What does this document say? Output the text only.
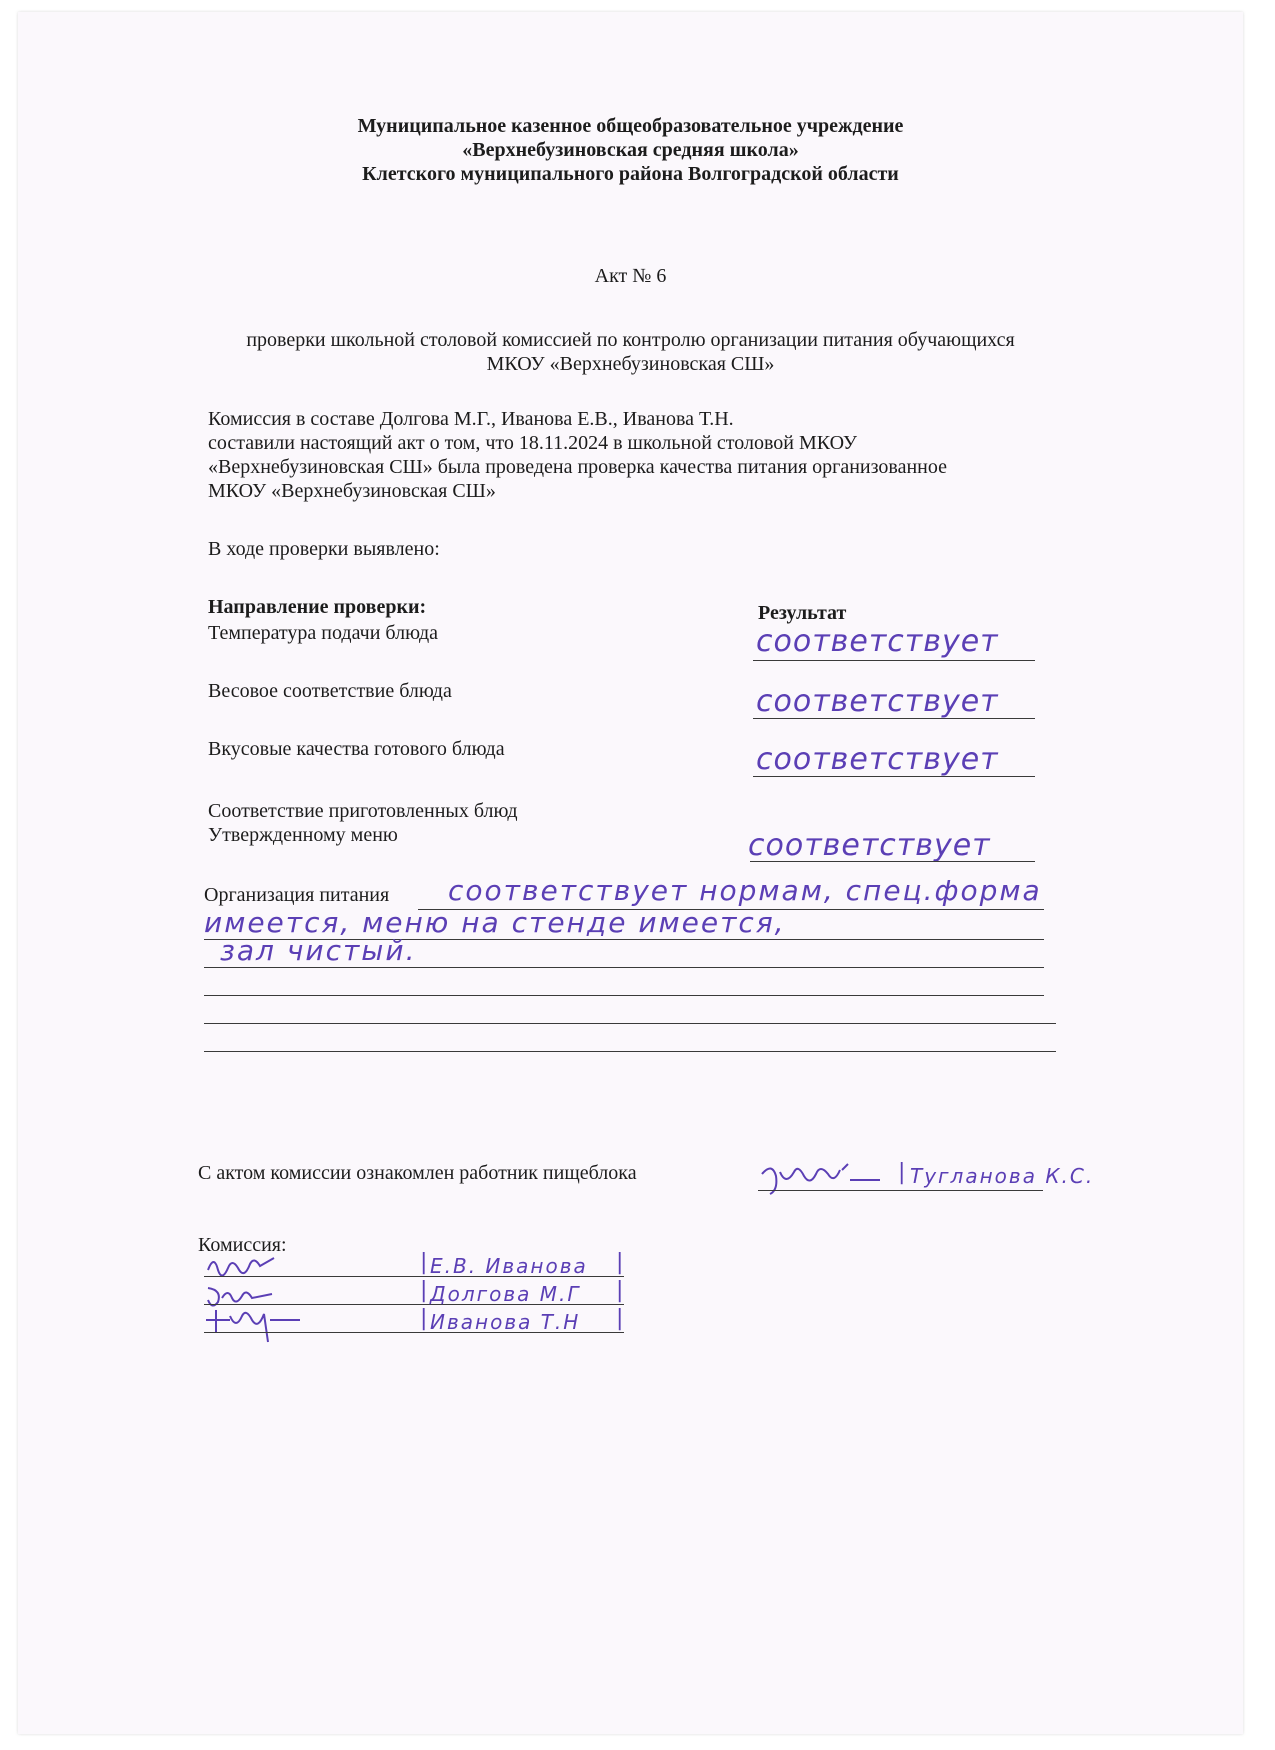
Муниципальное казенное общеобразовательное учреждение
«Верхнебузиновская средняя школа»
Клетского муниципального района Волгоградской области
Акт № 6
проверки школьной столовой комиссией по контролю организации питания обучающихся
МКОУ «Верхнебузиновская СШ»
Комиссия в составе Долгова М.Г., Иванова Е.В., Иванова Т.Н.
составили настоящий акт о том, что 18.11.2024 в школьной столовой МКОУ
«Верхнебузиновская СШ» была проведена проверка качества питания организованное
МКОУ «Верхнебузиновская СШ»
В ходе проверки выявлено:
Направление проверки:	Результат
Температура подачи блюда	соответствует
Весовое соответствие блюда	соответствует
Вкусовые качества готового блюда	соответствует
Соответствие приготовленных блюд
Утвержденному меню	соответствует
Организация питания соответствует нормам, спец.форма
имеется, меню на стенде имеется,
зал чистый.
С актом комиссии ознакомлен работник пищеблока	| Тугланова К.С.
Комиссия:
| Е.В. Иванова |
| Долгова М.Г |
| Иванова Т.Н |
